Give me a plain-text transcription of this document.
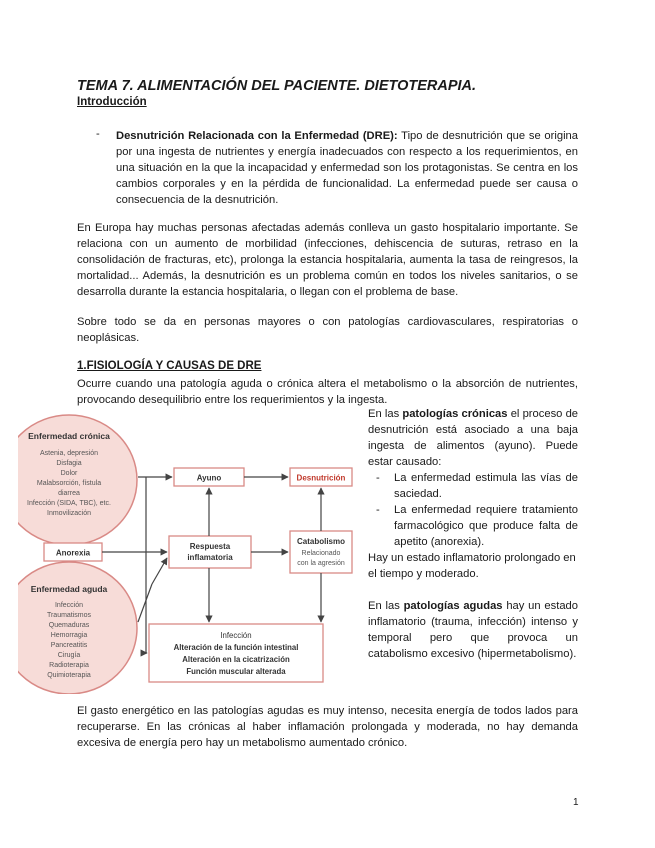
TEMA 7. ALIMENTACIÓN DEL PACIENTE. DIETOTERAPIA.
Introducción
- Desnutrición Relacionada con la Enfermedad (DRE): Tipo de desnutrición que se origina por una ingesta de nutrientes y energía inadecuados con respecto a los requerimientos, en una situación en la que la incapacidad y enfermedad son los protagonistas. Se centra en los cambios corporales y en la pérdida de funcionalidad. La enfermedad puede ser causa o consecuencia de la desnutrición.
En Europa hay muchas personas afectadas además conlleva un gasto hospitalario importante. Se relaciona con un aumento de morbilidad (infecciones, dehiscencia de suturas, retraso en la consolidación de fracturas, etc), prolonga la estancia hospitalaria, aumenta la tasa de reingresos, la mortalidad... Además, la desnutrición es un problema común en todos los niveles sanitarios, o se desarrolla durante la estancia hospitalaria, o llegan con el problema de base.
Sobre todo se da en personas mayores o con patologías cardiovasculares, respiratorias o neoplásicas.
1.FISIOLOGÍA Y CAUSAS DE DRE
Ocurre cuando una patología aguda o crónica altera el metabolismo o la absorción de nutrientes, provocando desequilibrio entre los requerimientos y la ingesta.

En las patologías crónicas el proceso de desnutrición está asociado a una baja ingesta de alimentos (ayuno). Puede estar causado:

- La enfermedad estimula las vías de saciedad.
- La enfermedad requiere tratamiento farmacológico que produce falta de apetito (anorexia).

Hay un estado inflamatorio prolongado en el tiempo y moderado.

En las patologías agudas hay un estado inflamatorio (trauma, infección) intenso y temporal pero que provoca un catabolismo excesivo (hipermetabolismo).

Enfermedad crónica
Astenia, depresión
Disfagia
Dolor
Malabsorción, fístula
diarrea
Infección (SIDA, TBC), etc.
Inmovilización
Enfermedad aguda
Infección
Traumatismos
Quemaduras
Hemorragia
Pancreatitis
Cirugía
Radioterapia
Quimioterapia
Anorexia
Ayuno	Desnutrición
Respuesta
inflamatoria
Catabolismo
Relacionado
con la agresión
Infección
Alteración de la función intestinal
Alteración en la cicatrización
Función muscular alterada
El gasto energético en las patologías agudas es muy intenso, necesita energía de todos lados para recuperarse. En las crónicas al haber inflamación prolongada y moderada, no hay demanda excesiva de energía pero hay un metabolismo aumentado crónico.
1
